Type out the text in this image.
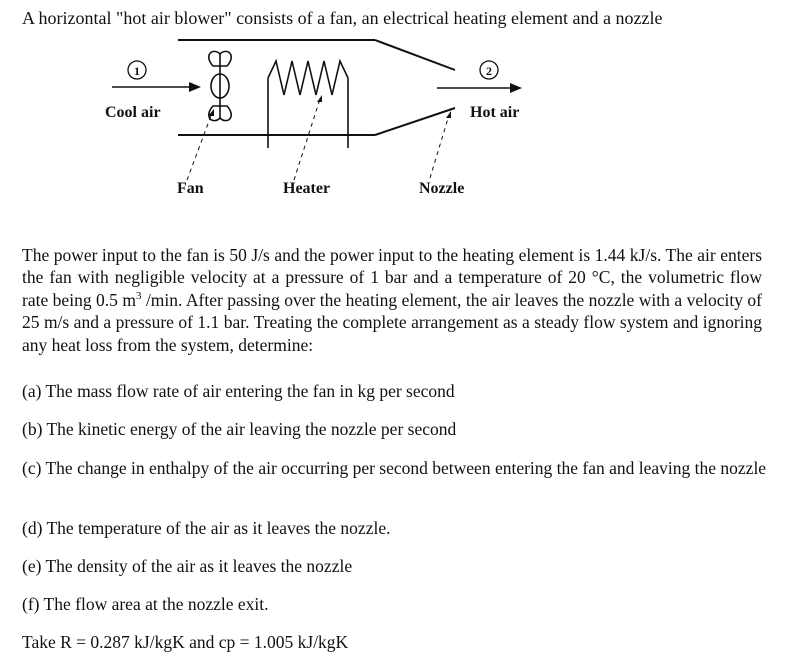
A horizontal "hot air blower" consists of a fan, an electrical heating element and a nozzle
1
Cool air
2
Hot air
Fan	Heater	Nozzle

The power input to the fan is 50 J/s and the power input to the heating element is 1.44 kJ/s. The air enters the fan with negligible velocity at a pressure of 1 bar and a temperature of 20 °C, the volumetric flow rate being 0.5 $m^3$ /min. After passing over the heating element, the air leaves the nozzle with a velocity of 25 m/s and a pressure of 1.1 bar. Treating the complete arrangement as a steady flow system and ignoring any heat loss from the system, determine:

(a) The mass flow rate of air entering the fan in kg per second

(b) The kinetic energy of the air leaving the nozzle per second

(c) The change in enthalpy of the air occurring per second between entering the fan and leaving the nozzle

(d) The temperature of the air as it leaves the nozzle.

(e) The density of the air as it leaves the nozzle

(f) The flow area at the nozzle exit.

Take R = 0.287 kJ/kgK and cp = 1.005 kJ/kgK
